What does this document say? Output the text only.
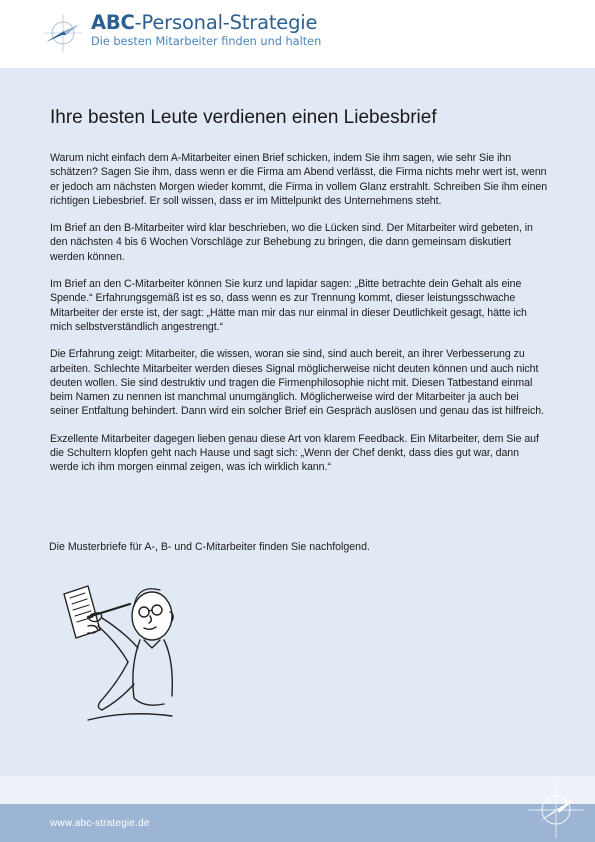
ABC-Personal-Strategie
Die besten Mitarbeiter finden und halten
Ihre besten Leute verdienen einen Liebesbrief

Warum nicht einfach dem A-Mitarbeiter einen Brief schicken, indem Sie ihm sagen, wie sehr Sie ihn schätzen? Sagen Sie ihm, dass wenn er die Firma am Abend verlässt, die Firma nichts mehr wert ist, wenn er jedoch am nächsten Morgen wieder kommt, die Firma in vollem Glanz erstrahlt. Schreiben Sie ihm einen richtigen Liebesbrief. Er soll wissen, dass er im Mittelpunkt des Unternehmens steht.

Im Brief an den B-Mitarbeiter wird klar beschrieben, wo die Lücken sind. Der Mitarbeiter wird gebeten, in den nächsten 4 bis 6 Wochen Vorschläge zur Behebung zu bringen, die dann gemeinsam diskutiert werden können.

Im Brief an den C-Mitarbeiter können Sie kurz und lapidar sagen: „Bitte betrachte dein Gehalt als eine Spende.“ Erfahrungsgemäß ist es so, dass wenn es zur Trennung kommt, dieser leistungsschwache Mitarbeiter der erste ist, der sagt: „Hätte man mir das nur einmal in dieser Deutlichkeit gesagt, hätte ich mich selbstverständlich angestrengt.“

Die Erfahrung zeigt: Mitarbeiter, die wissen, woran sie sind, sind auch bereit, an ihrer Verbesserung zu arbeiten. Schlechte Mitarbeiter werden dieses Signal möglicherweise nicht deuten können und auch nicht deuten wollen. Sie sind destruktiv und tragen die Firmenphilosophie nicht mit. Diesen Tatbestand einmal beim Namen zu nennen ist manchmal unumgänglich. Möglicherweise wird der Mitarbeiter ja auch bei seiner Entfaltung behindert. Dann wird ein solcher Brief ein Gespräch auslösen und genau das ist hilfreich.

Exzellente Mitarbeiter dagegen lieben genau diese Art von klarem Feedback. Ein Mitarbeiter, dem Sie auf die Schultern klopfen geht nach Hause und sagt sich: „Wenn der Chef denkt, dass dies gut war, dann werde ich ihm morgen einmal zeigen, was ich wirklich kann.“

Die Musterbriefe für A-, B- und C-Mitarbeiter finden Sie nachfolgend.
www.abc-strategie.de
